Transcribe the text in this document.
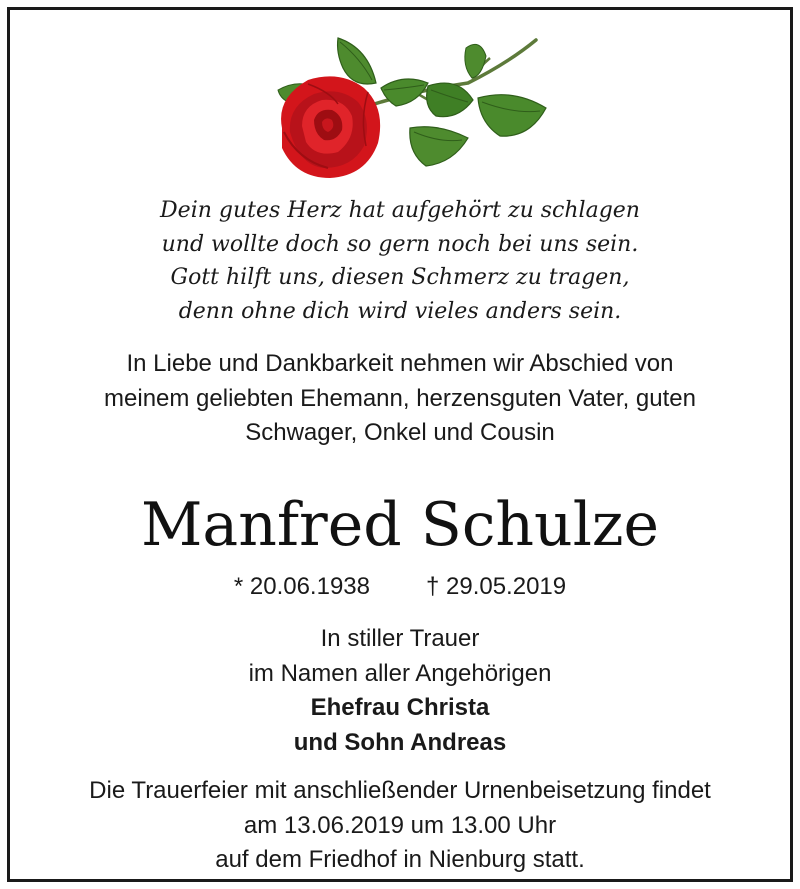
Dein gutes Herz hat aufgehört zu schlagen
und wollte doch so gern noch bei uns sein.
Gott hilft uns, diesen Schmerz zu tragen,
denn ohne dich wird vieles anders sein.
In Liebe und Dankbarkeit nehmen wir Abschied von
meinem geliebten Ehemann, herzensguten Vater, guten
Schwager, Onkel und Cousin
Manfred Schulze
* 20.06.1938 † 29.05.2019
In stiller Trauer
im Namen aller Angehörigen
Ehefrau Christa
und Sohn Andreas
Die Trauerfeier mit anschließender Urnenbeisetzung findet
am 13.06.2019 um 13.00 Uhr
auf dem Friedhof in Nienburg statt.
